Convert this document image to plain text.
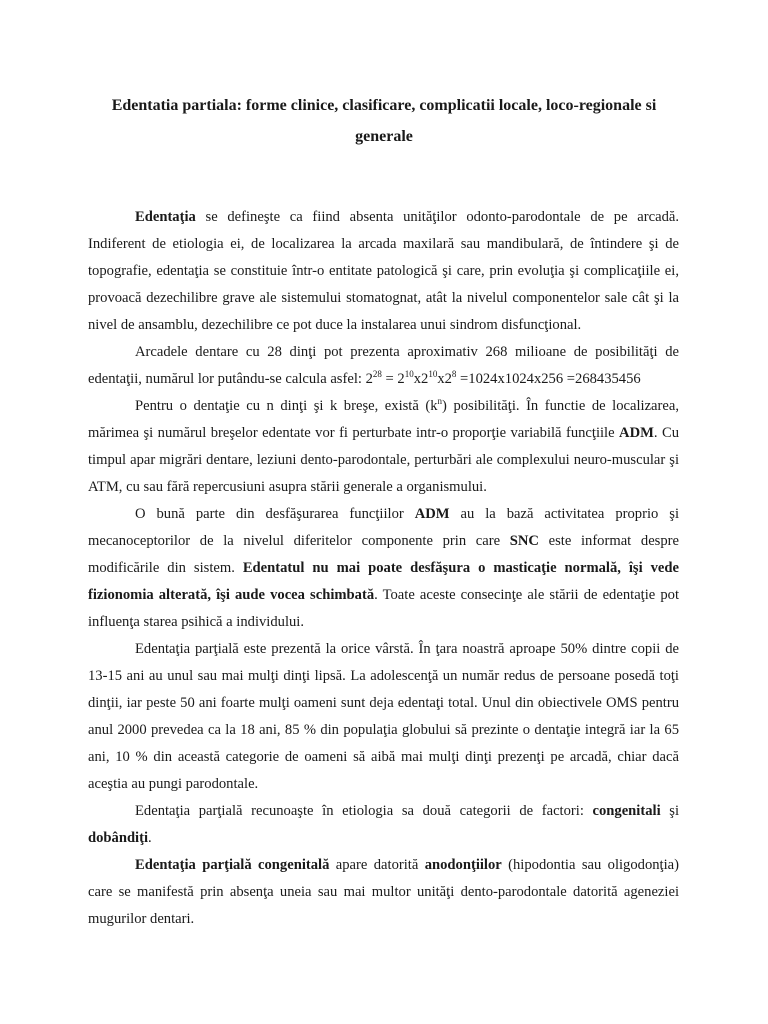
Edentatia partiala: forme clinice, clasificare, complicatii locale, loco-regionale si generale

Edentaţia se defineşte ca fiind absenta unităţilor odonto-parodontale de pe arcadă. Indiferent de etiologia ei, de localizarea la arcada maxilară sau mandibulară, de întindere şi de topografie, edentaţia se constituie într-o entitate patologică şi care, prin evoluţia şi complicaţiile ei, provoacă dezechilibre grave ale sistemului stomatognat, atât la nivelul componentelor sale cât şi la nivel de ansamblu, dezechilibre ce pot duce la instalarea unui sindrom disfuncţional.

Arcadele dentare cu 28 dinţi pot prezenta aproximativ 268 milioane de posibilităţi de edentaţii, numărul lor putându-se calcula asfel: $2^{28} = 2^{10}x2^{10}x2^8 =1024x1024x256 =268435456$

Pentru o dentaţie cu n dinţi şi k breşe, există $(k^n)$ posibilităţi. În functie de localizarea, mărimea şi numărul breşelor edentate vor fi perturbate intr-o proporţie variabilă funcţiile ADM. Cu timpul apar migrări dentare, leziuni dento-parodontale, perturbări ale complexului neuro-muscular şi ATM, cu sau fără repercusiuni asupra stării generale a organismului.

O bună parte din desfăşurarea funcţiilor ADM au la bază activitatea proprio şi mecanoceptorilor de la nivelul diferitelor componente prin care SNC este informat despre modificările din sistem. Edentatul nu mai poate desfăşura o masticaţie normală, îşi vede fizionomia alterată, îşi aude vocea schimbată. Toate aceste consecinţe ale stării de edentaţie pot influenţa starea psihică a individului.

Edentaţia parţială este prezentă la orice vârstă. În ţara noastră aproape 50% dintre copii de 13-15 ani au unul sau mai mulţi dinţi lipsă. La adolescenţă un număr redus de persoane posedă toţi dinţii, iar peste 50 ani foarte mulţi oameni sunt deja edentaţi total. Unul din obiectivele OMS pentru anul 2000 prevedea ca la 18 ani, 85 % din populaţia globului să prezinte o dentaţie integră iar la 65 ani, 10 % din această categorie de oameni să aibă mai mulţi dinţi prezenţi pe arcadă, chiar dacă aceştia au pungi parodontale.

Edentaţia parţială recunoaşte în etiologia sa două categorii de factori: congenitali şi dobândiţi.

Edentaţia parţială congenitală apare datorită anodonţiilor (hipodontia sau oligodonţia) care se manifestă prin absenţa uneia sau mai multor unităţi dento-parodontale datorită ageneziei mugurilor dentari.
